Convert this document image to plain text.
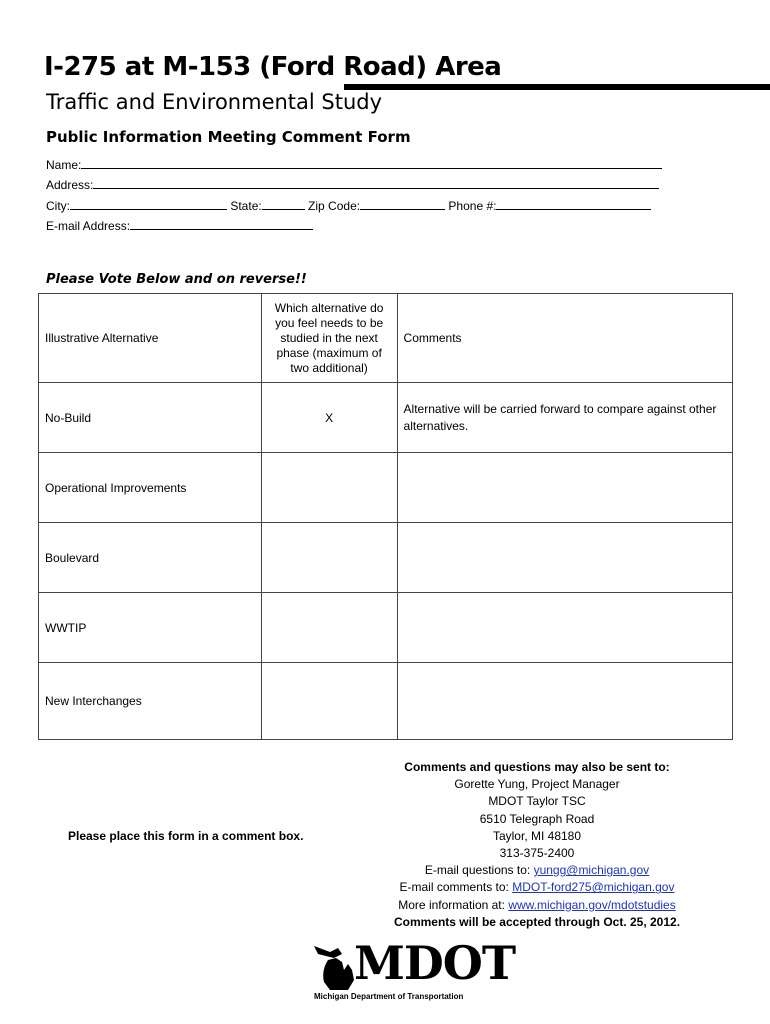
I-275 at M-153 (Ford Road) Area
Traffic and Environmental Study
Public Information Meeting Comment Form
Name:
Address:
City:	State:	Zip Code:	Phone #:
E-mail Address:
Please Vote Below and on reverse!!
Illustrative Alternative	Which alternative do you feel needs to be studied in the next phase (maximum of two additional)	Comments
No-Build	X	Alternative will be carried forward to compare against other alternatives.
Operational Improvements		
Boulevard		
WWTIP		
New Interchanges		
Please place this form in a comment box.
Comments and questions may also be sent to:
Gorette Yung, Project Manager
MDOT Taylor TSC
6510 Telegraph Road
Taylor, MI 48180
313-375-2400
E-mail questions to: yungg@michigan.gov
E-mail comments to: MDOT-ford275@michigan.gov
More information at: www.michigan.gov/mdotstudies
Comments will be accepted through Oct. 25, 2012.
MDOT
Michigan Department of Transportation
